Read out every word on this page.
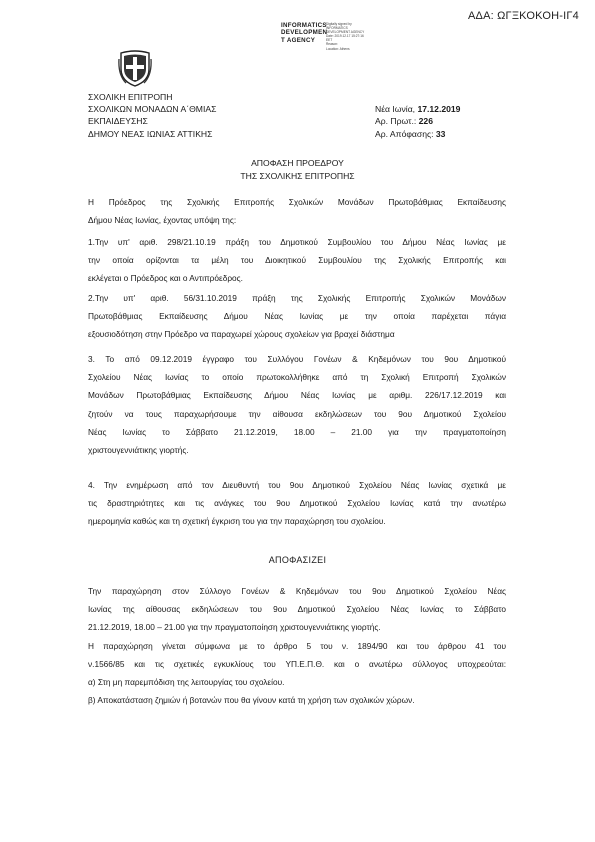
ΑΔΑ: ΩΓΞΚΟΚΟΗ-ΙΓ4
INFORMATICS
DEVELOPMEN
T AGENCY
Digitally signed by
INFORMATICS
DEVELOPMENT AGENCY
Date: 2019.12.17 15:27:16
EET
Reason:
Location: Athens
ΣΧΟΛΙΚΗ ΕΠΙΤΡΟΠΗ
ΣΧΟΛΙΚΩΝ ΜΟΝΑΔΩΝ Α΄ΘΜΙΑΣ
ΕΚΠΑΙΔΕΥΣΗΣ
ΔΗΜΟΥ ΝΕΑΣ ΙΩΝΙΑΣ ΑΤΤΙΚΗΣ
Νέα Ιωνία, 17.12.2019
Αρ. Πρωτ.: 226
Αρ. Απόφασης: 33
ΑΠΟΦΑΣΗ ΠΡΟΕΔΡΟΥ
ΤΗΣ ΣΧΟΛΙΚΗΣ ΕΠΙΤΡΟΠΗΣ
Η Πρόεδρος της Σχολικής Επιτροπής Σχολικών Μονάδων Πρωτοβάθμιας Εκπαίδευσης
Δήμου Νέας Ιωνίας, έχοντας υπόψη της:
1.Την υπ' αριθ. 298/21.10.19 πράξη του Δημοτικού Συμβουλίου του Δήμου Νέας Ιωνίας με
την οποία ορίζονται τα μέλη του Διοικητικού Συμβουλίου της Σχολικής Επιτροπής και
εκλέγεται ο Πρόεδρος και ο Αντιπρόεδρος.
2.Την υπ' αριθ. 56/31.10.2019 πράξη της Σχολικής Επιτροπής Σχολικών Μονάδων
Πρωτοβάθμιας Εκπαίδευσης Δήμου Νέας Ιωνίας με την οποία παρέχεται πάγια
εξουσιοδότηση στην Πρόεδρο να παραχωρεί χώρους σχολείων για βραχεί διάστημα
3. Το από 09.12.2019 έγγραφο του Συλλόγου Γονέων & Κηδεμόνων του 9ου Δημοτικού
Σχολείου Νέας Ιωνίας το οποίο πρωτοκολλήθηκε από τη Σχολική Επιτροπή Σχολικών
Μονάδων Πρωτοβάθμιας Εκπαίδευσης Δήμου Νέας Ιωνίας με αριθμ. 226/17.12.2019 και
ζητούν να τους παραχωρήσουμε την αίθουσα εκδηλώσεων του 9ου Δημοτικού Σχολείου
Νέας Ιωνίας το Σάββατο 21.12.2019, 18.00 – 21.00 για την πραγματοποίηση
χριστουγεννιάτικης γιορτής.
4. Την ενημέρωση από τον Διευθυντή του 9ου Δημοτικού Σχολείου Νέας Ιωνίας σχετικά με
τις δραστηριότητες και τις ανάγκες του 9ου Δημοτικού Σχολείου Ιωνίας κατά την ανωτέρω
ημερομηνία καθώς και τη σχετική έγκριση του για την παραχώρηση του σχολείου.
ΑΠΟΦΑΣΙΖΕΙ
Την παραχώρηση στον Σύλλογο Γονέων & Κηδεμόνων του 9ου Δημοτικού Σχολείου Νέας
Ιωνίας της αίθουσας εκδηλώσεων του 9ου Δημοτικού Σχολείου Νέας Ιωνίας το Σάββατο
21.12.2019, 18.00 – 21.00 για την πραγματοποίηση χριστουγεννιάτικης γιορτής.
Η παραχώρηση γίνεται σύμφωνα με το άρθρο 5 του ν. 1894/90 και του άρθρου 41 του
ν.1566/85 και τις σχετικές εγκυκλίους του ΥΠ.Ε.Π.Θ. και ο ανωτέρω σύλλογος υποχρεούται:
α) Στη μη παρεμπόδιση της λειτουργίας του σχολείου.
β) Αποκατάσταση ζημιών ή βοτανών που θα γίνουν κατά τη χρήση των σχολικών χώρων.
